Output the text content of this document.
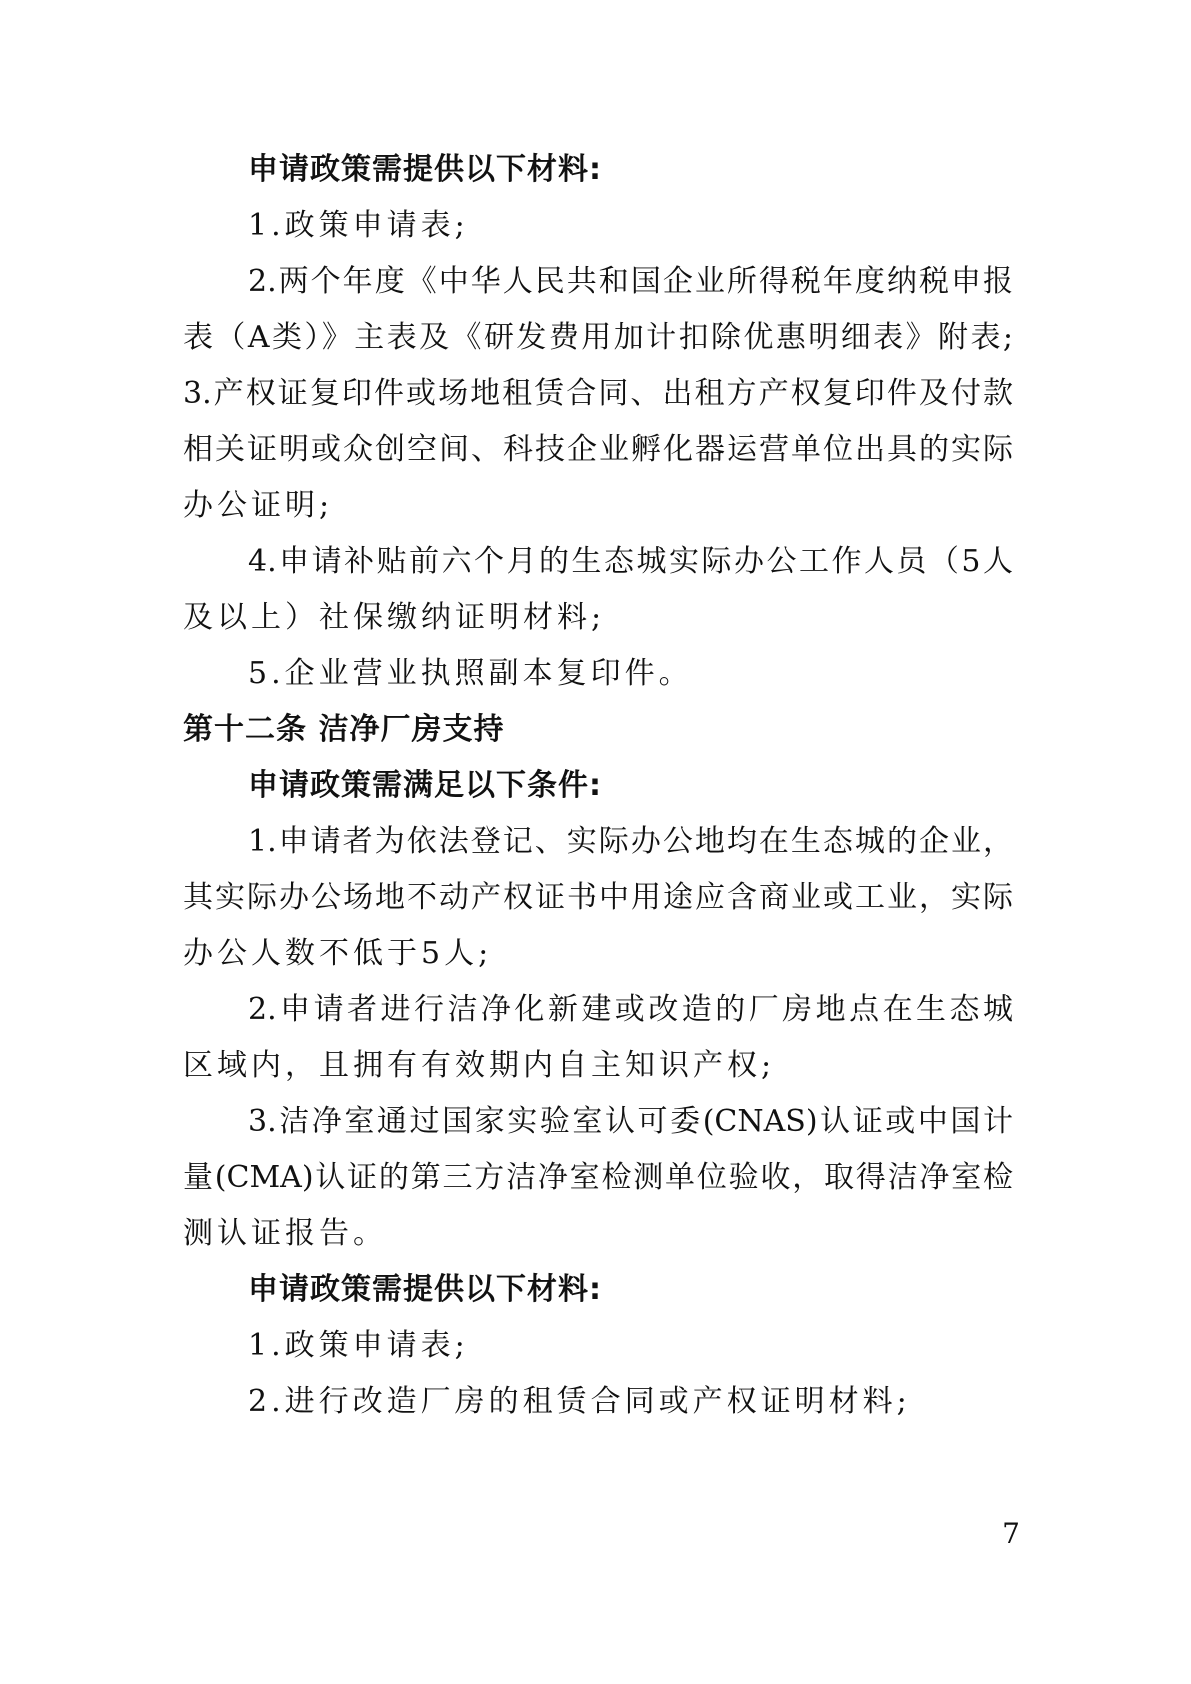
申请政策需提供以下材料:
1.政策申请表;
2.两个年度《中华人民共和国企业所得税年度纳税申报
表（A类）》主表及《研发费用加计扣除优惠明细表》附表;
3.产权证复印件或场地租赁合同、出租方产权复印件及付款
相关证明或众创空间、科技企业孵化器运营单位出具的实际
办公证明;
4.申请补贴前六个月的生态城实际办公工作人员（5人
及以上）社保缴纳证明材料;
5.企业营业执照副本复印件。
第十二条 洁净厂房支持
申请政策需满足以下条件:
1.申请者为依法登记、实际办公地均在生态城的企业，
其实际办公场地不动产权证书中用途应含商业或工业，实际
办公人数不低于5人;
2.申请者进行洁净化新建或改造的厂房地点在生态城
区域内，且拥有有效期内自主知识产权;
3.洁净室通过国家实验室认可委(CNAS)认证或中国计
量(CMA)认证的第三方洁净室检测单位验收，取得洁净室检
测认证报告。
申请政策需提供以下材料:
1.政策申请表;
2.进行改造厂房的租赁合同或产权证明材料;
7
